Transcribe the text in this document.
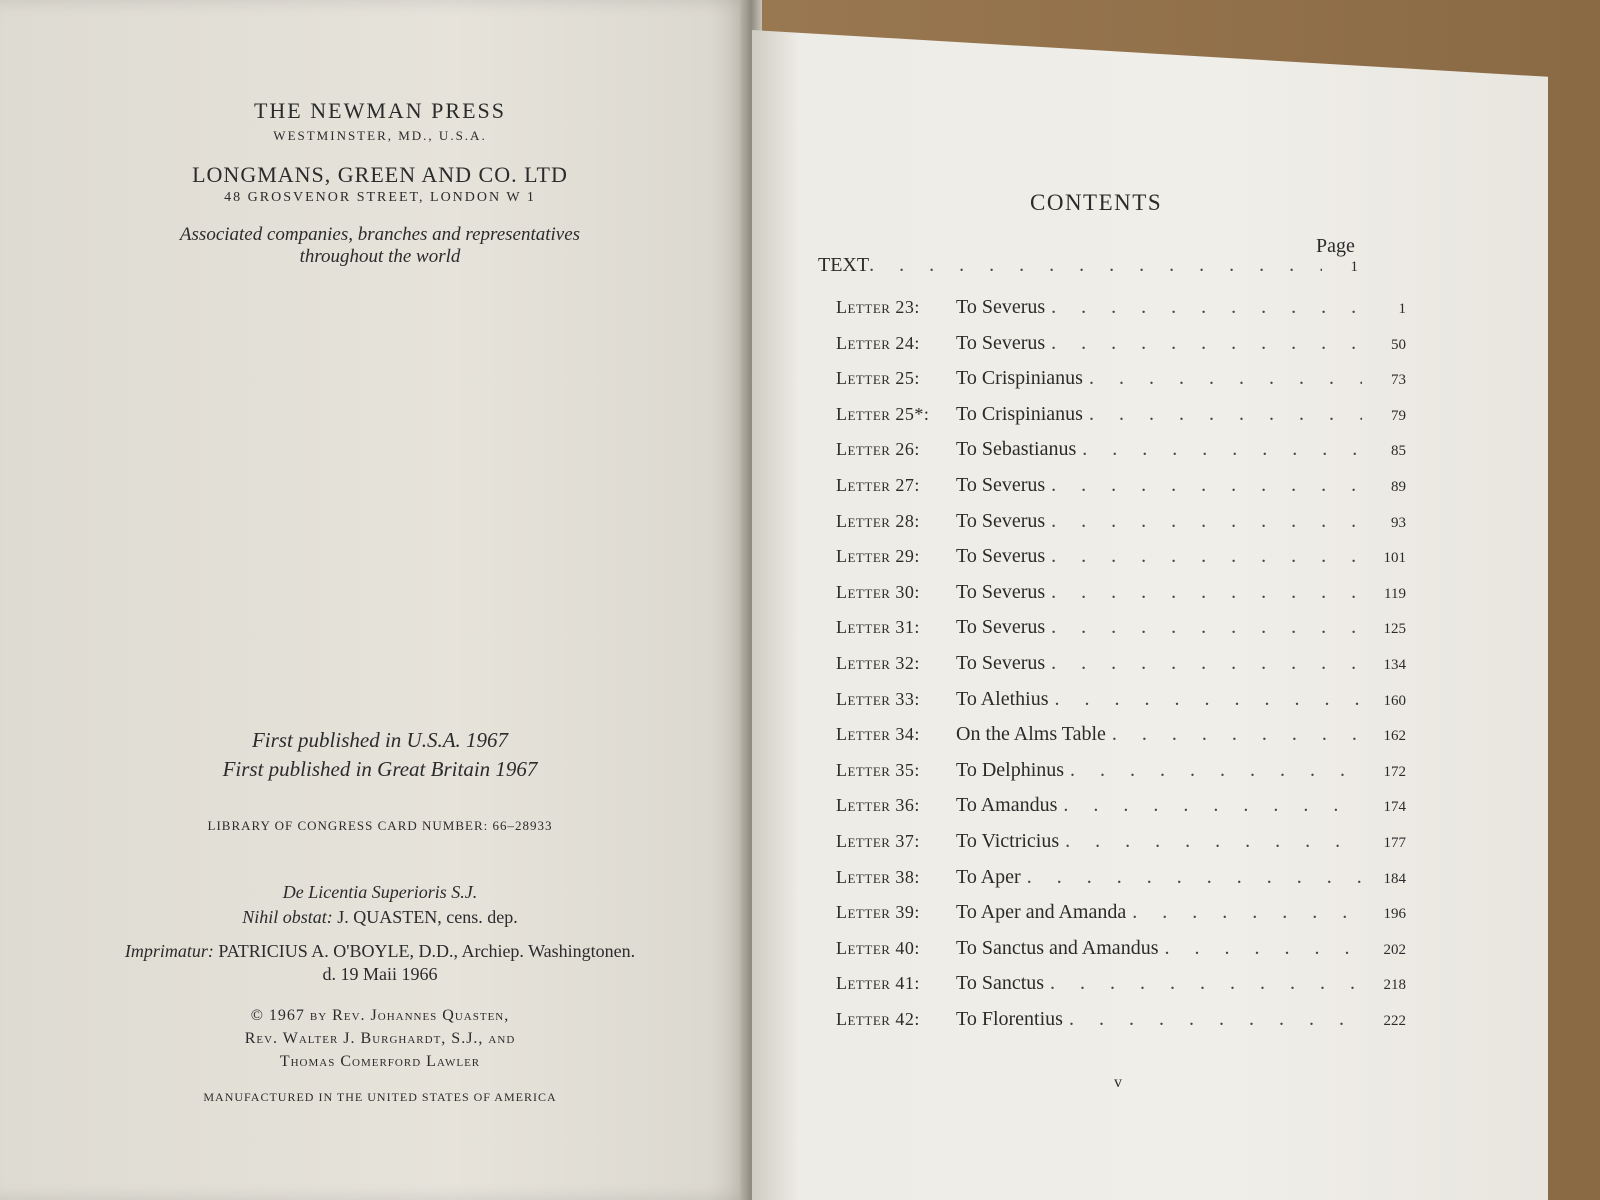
THE NEWMAN PRESS
WESTMINSTER, MD., U.S.A.
LONGMANS, GREEN AND CO. LTD
48 GROSVENOR STREET, LONDON W 1
Associated companies, branches and representatives
throughout the world
First published in U.S.A. 1967
First published in Great Britain 1967
LIBRARY OF CONGRESS CARD NUMBER: 66–28933
De Licentia Superioris S.J.
Nihil obstat: J. QUASTEN, cens. dep.
Imprimatur: PATRICIUS A. O'BOYLE, D.D., Archiep. Washingtonen.
d. 19 Maii 1966
© 1967 by Rev. Johannes Quasten,
Rev. Walter J. Burghardt, S.J., and
Thomas Comerford Lawler
MANUFACTURED IN THE UNITED STATES OF AMERICA
CONTENTS
Page
TEXT . . .	1
Letter 23:	To Severus . . .	1
Letter 24:	To Severus . . .	50
Letter 25:	To Crispinianus . . .	73
Letter 25*:	To Crispinianus . . .	79
Letter 26:	To Sebastianus . . .	85
Letter 27:	To Severus . . .	89
Letter 28:	To Severus . . .	93
Letter 29:	To Severus . . .	101
Letter 30:	To Severus . . .	119
Letter 31:	To Severus . . .	125
Letter 32:	To Severus . . .	134
Letter 33:	To Alethius . . .	160
Letter 34:	On the Alms Table . . .	162
Letter 35:	To Delphinus . . .	172
Letter 36:	To Amandus . . .	174
Letter 37:	To Victricius . . .	177
Letter 38:	To Aper . . .	184
Letter 39:	To Aper and Amanda . . .	196
Letter 40:	To Sanctus and Amandus . . .	202
Letter 41:	To Sanctus . . .	218
Letter 42:	To Florentius . . .	222
v
